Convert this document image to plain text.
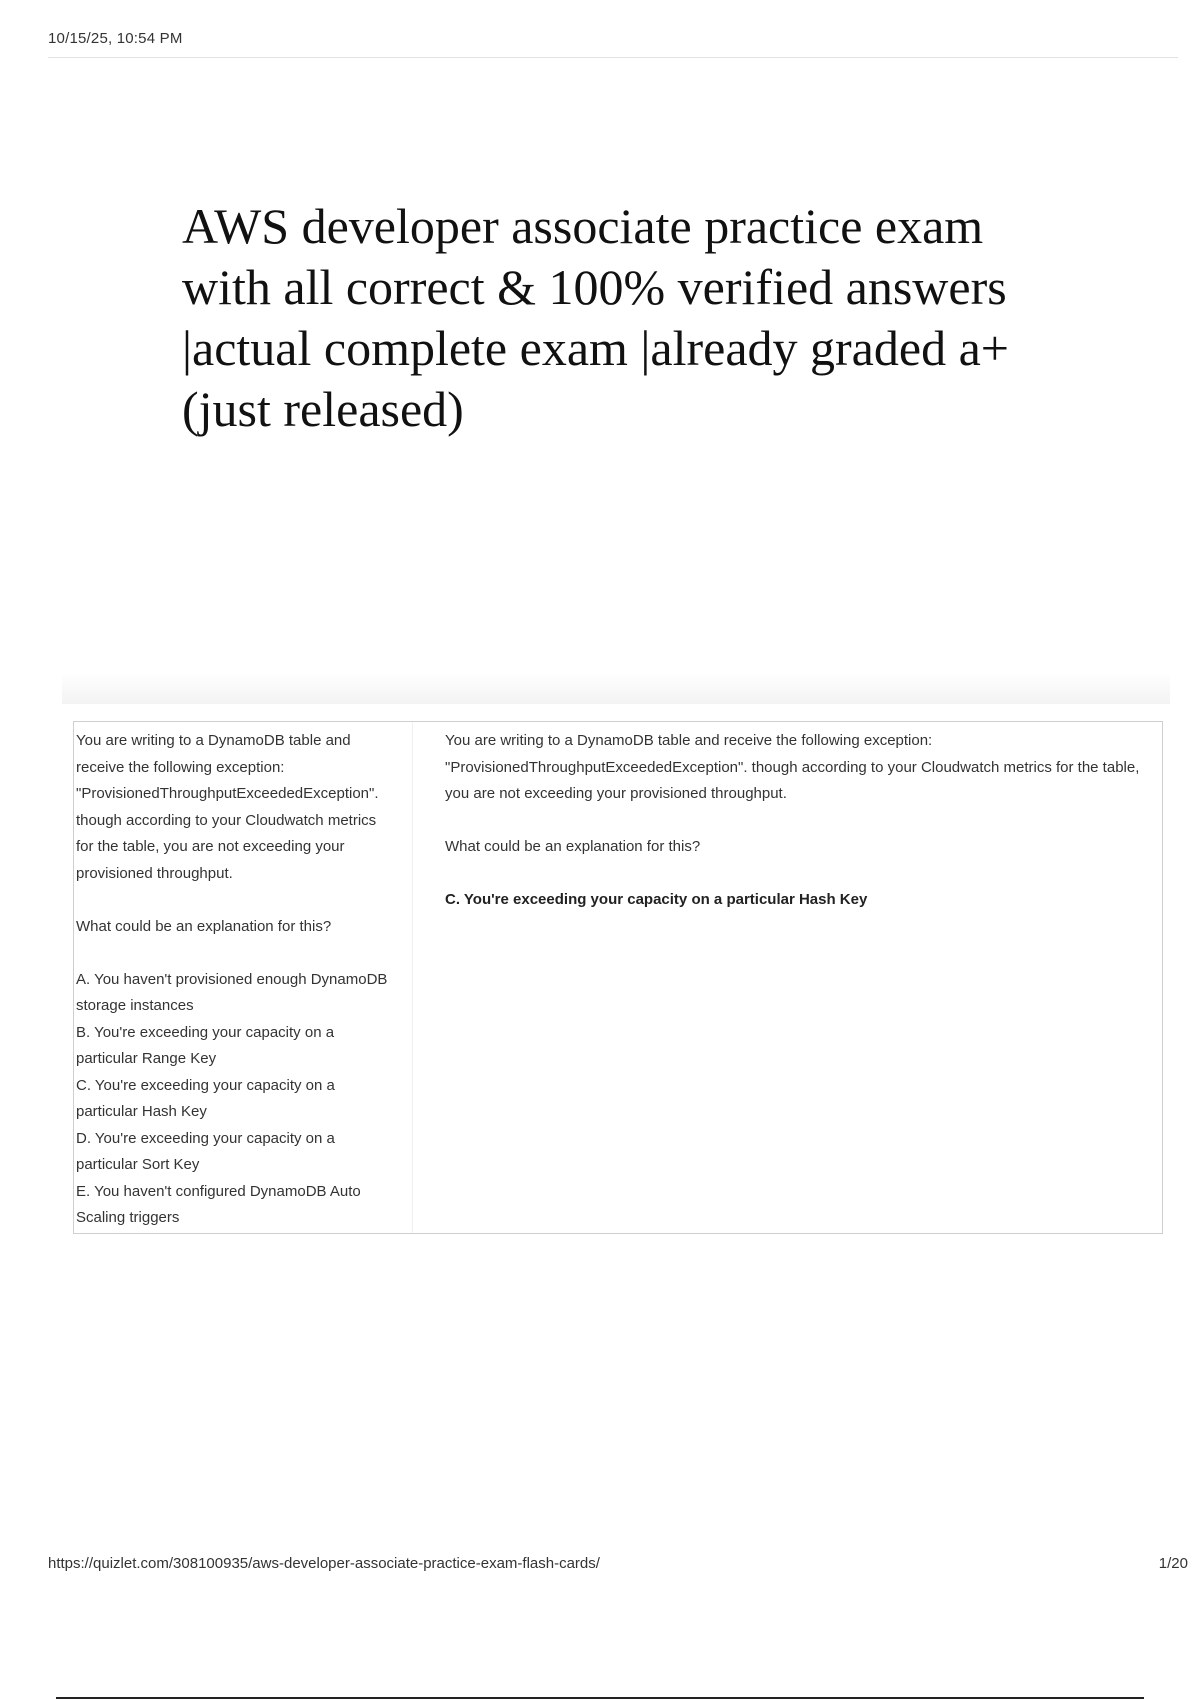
10/15/25, 10:54 PM
AWS developer associate practice exam with all correct & 100% verified answers |actual complete exam |already graded a+ (just released)

You are writing to a DynamoDB table and receive the following exception: "ProvisionedThroughputExceededException". though according to your Cloudwatch metrics for the table, you are not exceeding your provisioned throughput.

What could be an explanation for this?

A. You haven't provisioned enough DynamoDB storage instances

B. You're exceeding your capacity on a particular Range Key

C. You're exceeding your capacity on a particular Hash Key

D. You're exceeding your capacity on a particular Sort Key

E. You haven't configured DynamoDB Auto Scaling triggers

You are writing to a DynamoDB table and receive the following exception: "ProvisionedThroughputExceededException". though according to your Cloudwatch metrics for the table, you are not exceeding your provisioned throughput.

What could be an explanation for this?

C. You're exceeding your capacity on a particular Hash Key

https://quizlet.com/308100935/aws-developer-associate-practice-exam-flash-cards/	1/20
